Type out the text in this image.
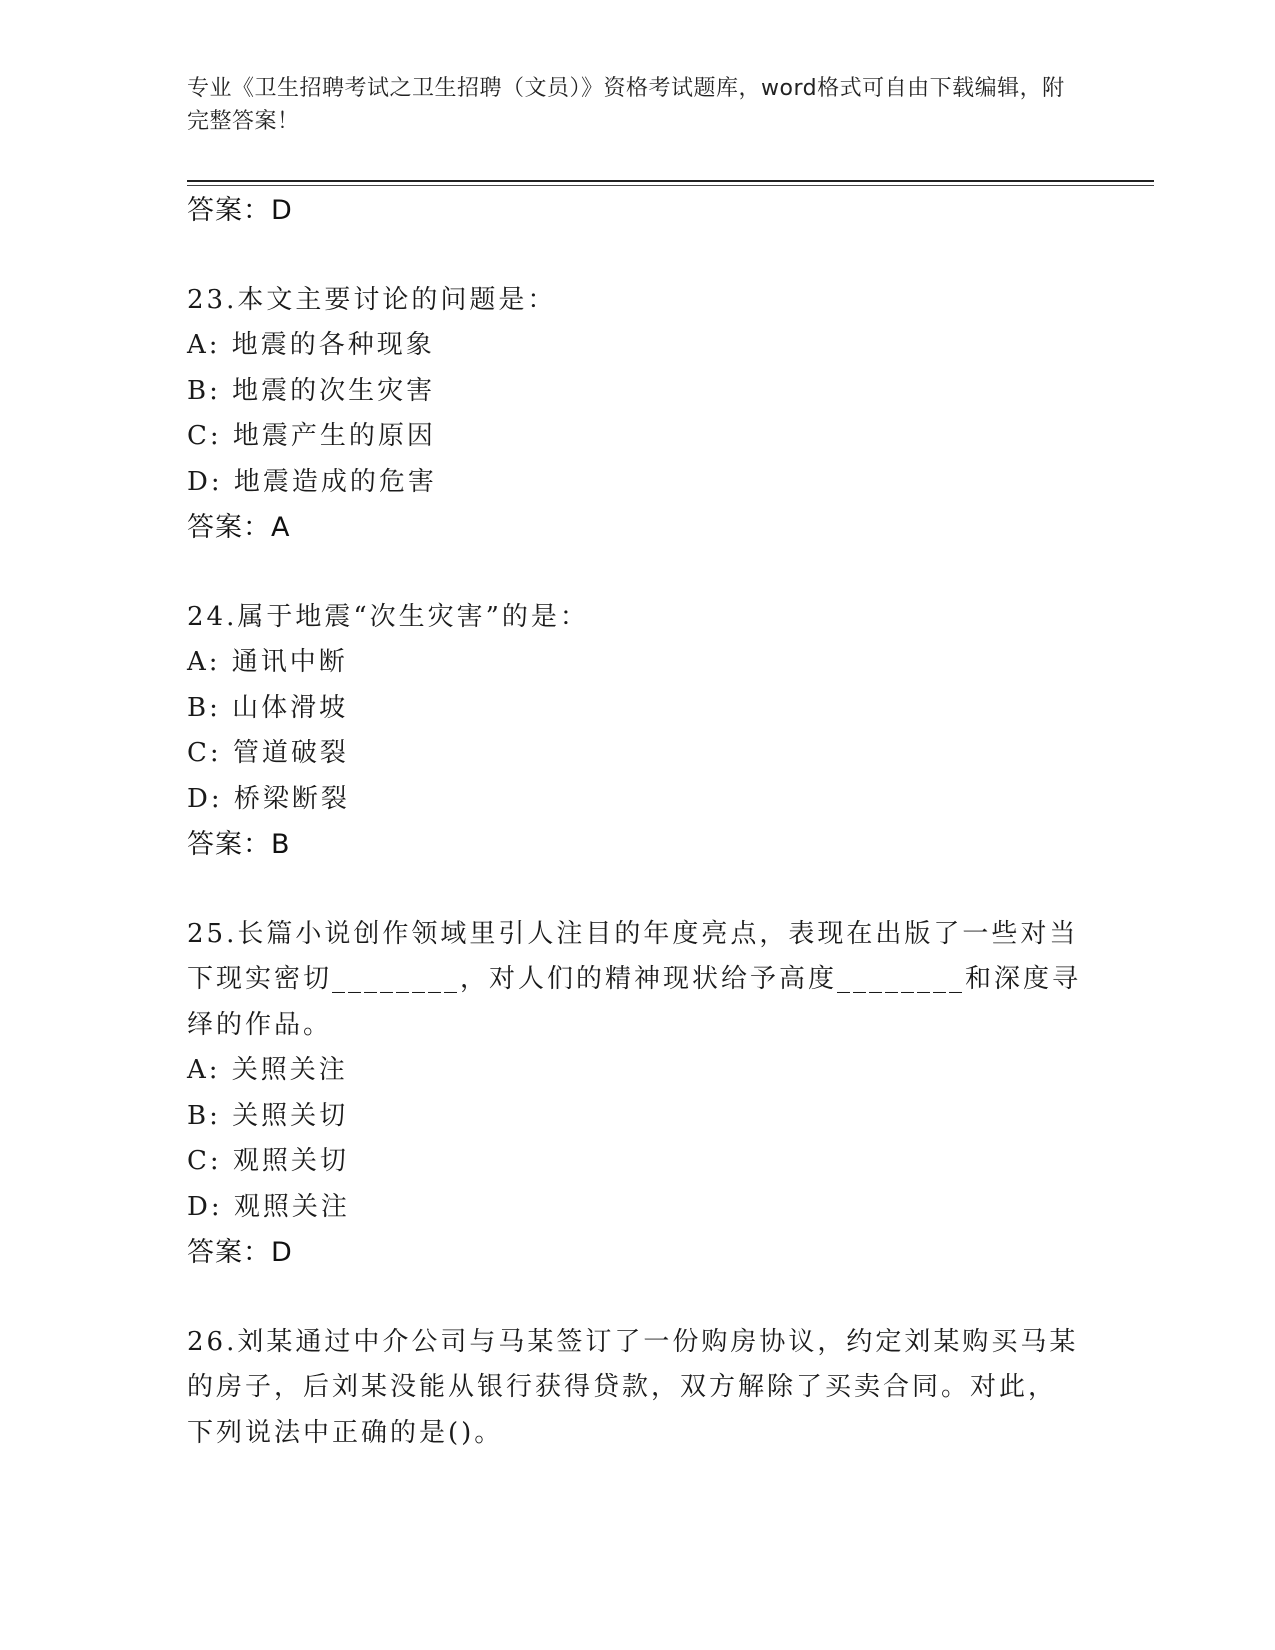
专业《卫生招聘考试之卫生招聘（文员）》资格考试题库，word格式可自由下载编辑，附完整答案！
答案：D
23.本文主要讨论的问题是：
A: 地震的各种现象
B: 地震的次生灾害
C: 地震产生的原因
D: 地震造成的危害
答案：A
24.属于地震“次生灾害”的是：
A: 通讯中断
B: 山体滑坡
C: 管道破裂
D: 桥梁断裂
答案：B
25.长篇小说创作领域里引人注目的年度亮点，表现在出版了一些对当
下现实密切________，对人们的精神现状给予高度________和深度寻
绎的作品。
A: 关照关注
B: 关照关切
C: 观照关切
D: 观照关注
答案：D
26.刘某通过中介公司与马某签订了一份购房协议，约定刘某购买马某
的房子，后刘某没能从银行获得贷款，双方解除了买卖合同。对此，
下列说法中正确的是()。
